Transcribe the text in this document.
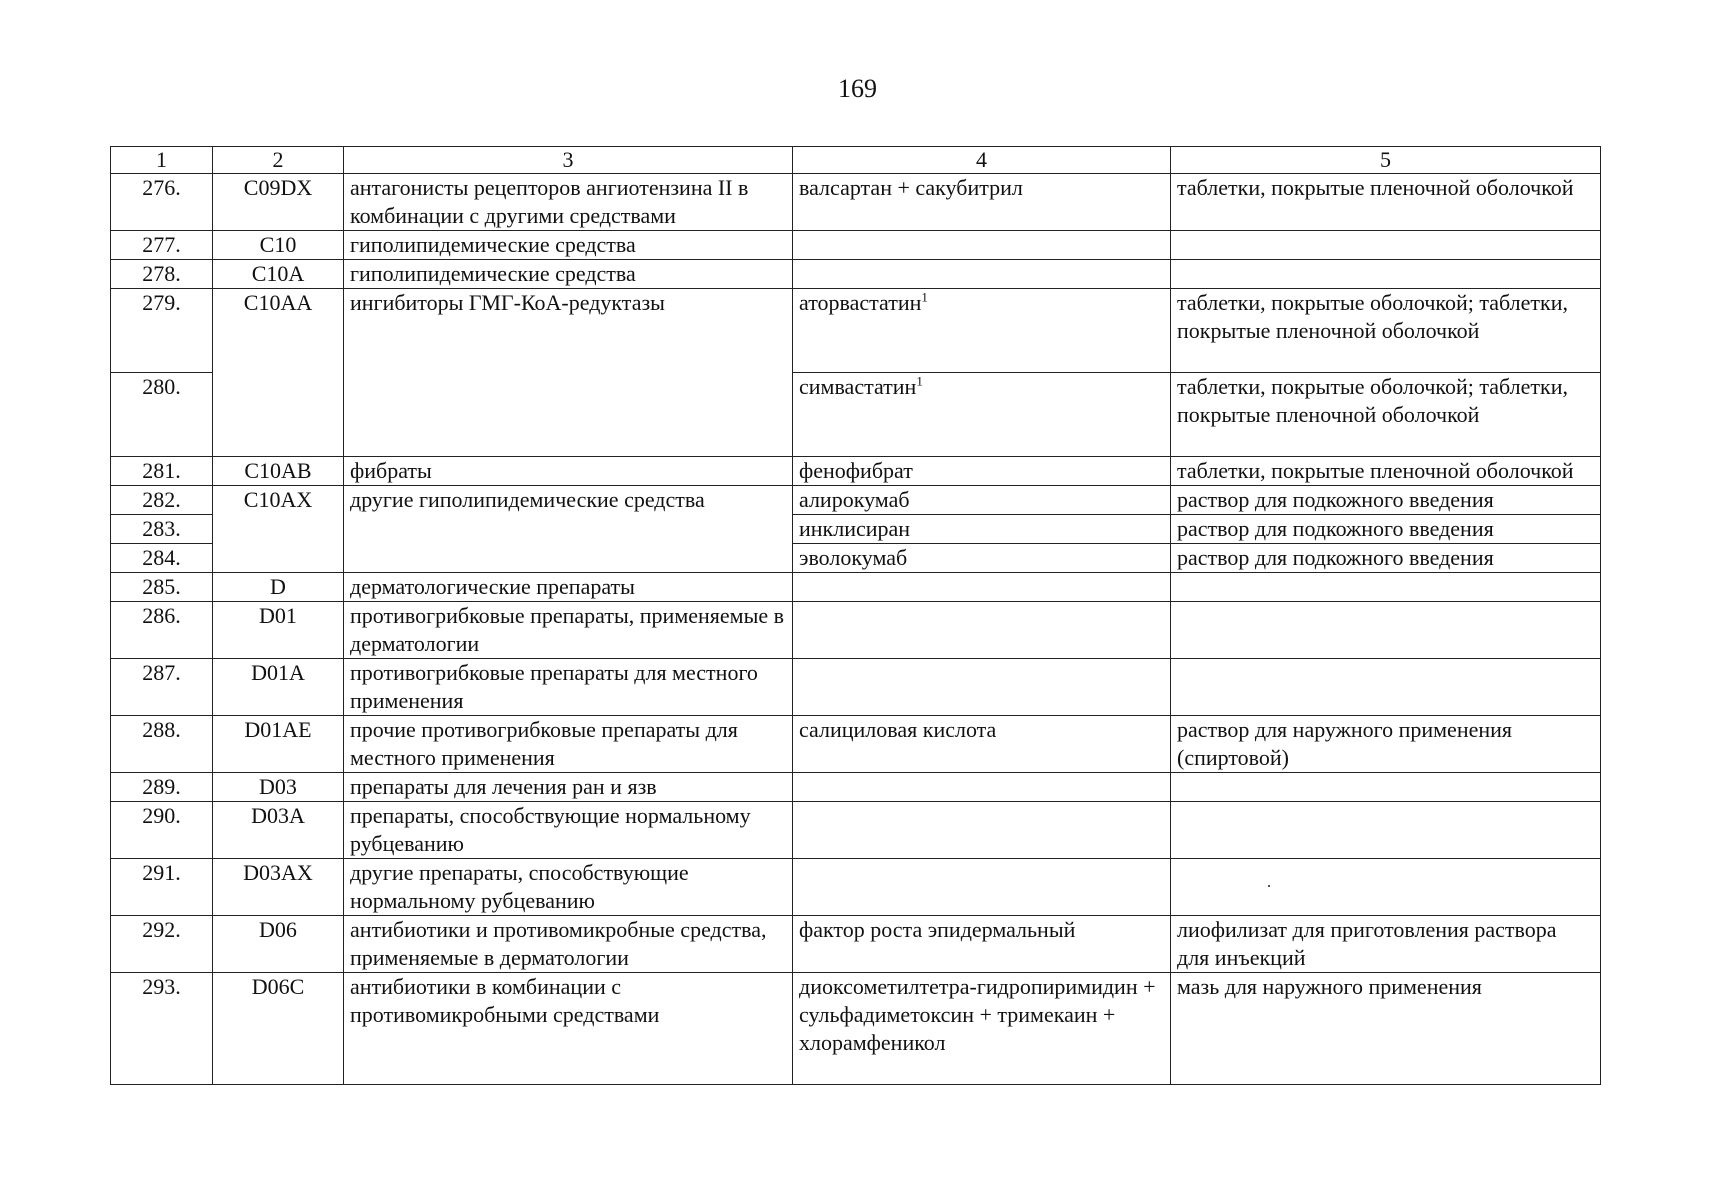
169
1	2	3	4	5
276.	C09DX	антагонисты рецепторов ангиотензина II в комбинации с другими средствами	валсартан + сакубитрил	таблетки, покрытые пленочной оболочкой
277.	C10	гиполипидемические средства		
278.	C10A	гиполипидемические средства		
279.	C10AA	ингибиторы ГМГ-КоА-редуктазы	аторвастатин$^1$	таблетки, покрытые оболочкой; таблетки, покрытые пленочной оболочкой
280.			симвастатин$^1$	таблетки, покрытые оболочкой; таблетки, покрытые пленочной оболочкой
281.	C10AB	фибраты	фенофибрат	таблетки, покрытые пленочной оболочкой
282.	C10AX	другие гиполипидемические средства	алирокумаб	раствор для подкожного введения
283.			инклисиран	раствор для подкожного введения
284.			эволокумаб	раствор для подкожного введения
285.	D	дерматологические препараты		
286.	D01	противогрибковые препараты, применяемые в дерматологии		
287.	D01A	противогрибковые препараты для местного применения		
288.	D01AE	прочие противогрибковые препараты для местного применения	салициловая кислота	раствор для наружного применения (спиртовой)
289.	D03	препараты для лечения ран и язв		
290.	D03A	препараты, способствующие нормальному рубцеванию		
291.	D03AX	другие препараты, способствующие нормальному рубцеванию		
292.	D06	антибиотики и противомикробные средства, применяемые в дерматологии	фактор роста эпидермальный	лиофилизат для приготовления раствора для инъекций
293.	D06C	антибиотики в комбинации с противомикробными средствами	диоксометилтетра-гидропиримидин + сульфадиметоксин + тримекаин + хлорамфеникол	мазь для наружного применения
